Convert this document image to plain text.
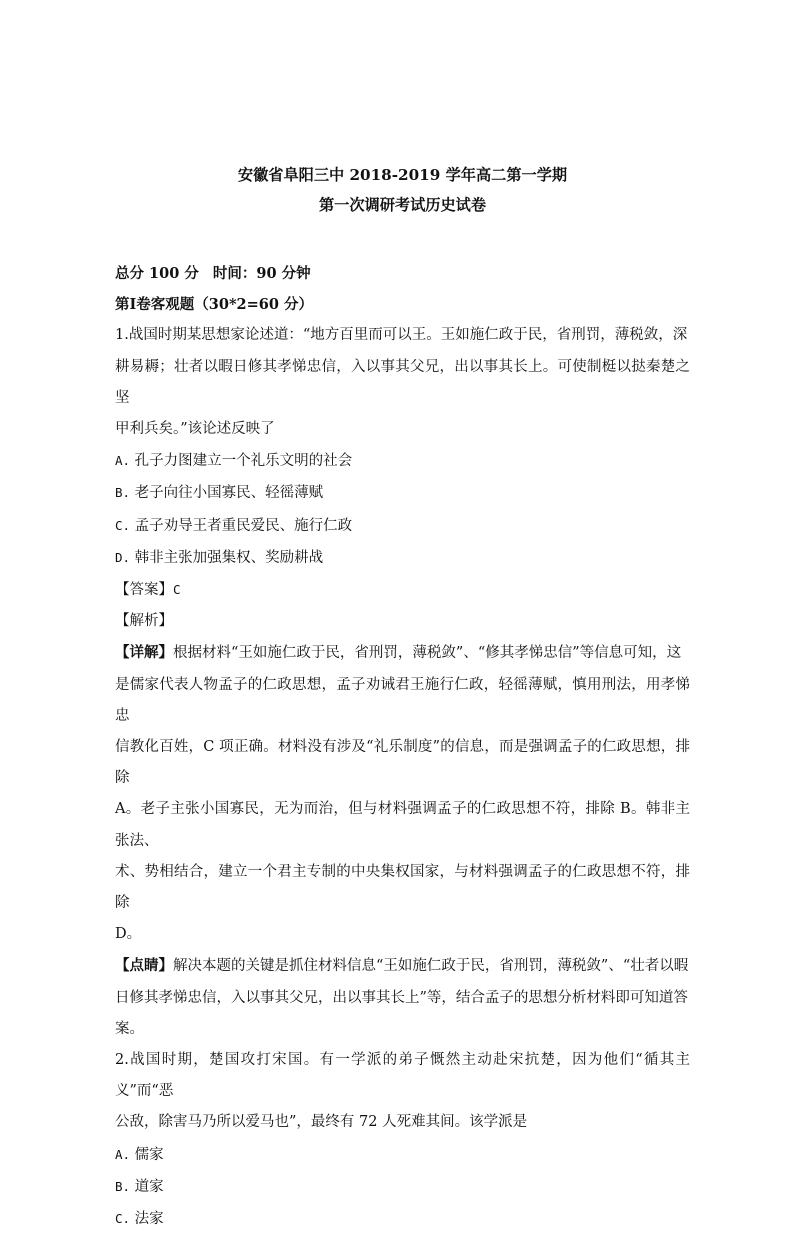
安徽省阜阳三中 2018-2019 学年高二第一学期

第一次调研考试历史试卷

总分 100 分 时间：90 分钟

第Ⅰ卷客观题（30*2=60 分）

1.战国时期某思想家论述道：“地方百里而可以王。王如施仁政于民，省刑罚，薄税敛，深

耕易耨；壮者以暇日修其孝悌忠信，入以事其父兄，出以事其长上。可使制梃以挞秦楚之坚

甲利兵矣。”该论述反映了

A. 孔子力图建立一个礼乐文明的社会

B. 老子向往小国寡民、轻徭薄赋

C. 孟子劝导王者重民爱民、施行仁政

D. 韩非主张加强集权、奖励耕战

【答案】C

【解析】

【详解】根据材料“王如施仁政于民，省刑罚，薄税敛”、“修其孝悌忠信”等信息可知，这

是儒家代表人物孟子的仁政思想，孟子劝诫君王施行仁政，轻徭薄赋，慎用刑法，用孝悌忠

信教化百姓，C 项正确。材料没有涉及“礼乐制度”的信息，而是强调孟子的仁政思想，排除

A。老子主张小国寡民，无为而治，但与材料强调孟子的仁政思想不符，排除 B。韩非主张法、

术、势相结合，建立一个君主专制的中央集权国家，与材料强调孟子的仁政思想不符，排除

D。

【点睛】解决本题的关键是抓住材料信息“王如施仁政于民，省刑罚，薄税敛”、“壮者以暇

日修其孝悌忠信，入以事其父兄，出以事其长上”等，结合孟子的思想分析材料即可知道答

案。

2.战国时期，楚国攻打宋国。有一学派的弟子慨然主动赴宋抗楚，因为他们“循其主义”而“恶

公敌，除害马乃所以爱马也”，最终有 72 人死难其间。该学派是

A. 儒家

B. 道家

C. 法家
